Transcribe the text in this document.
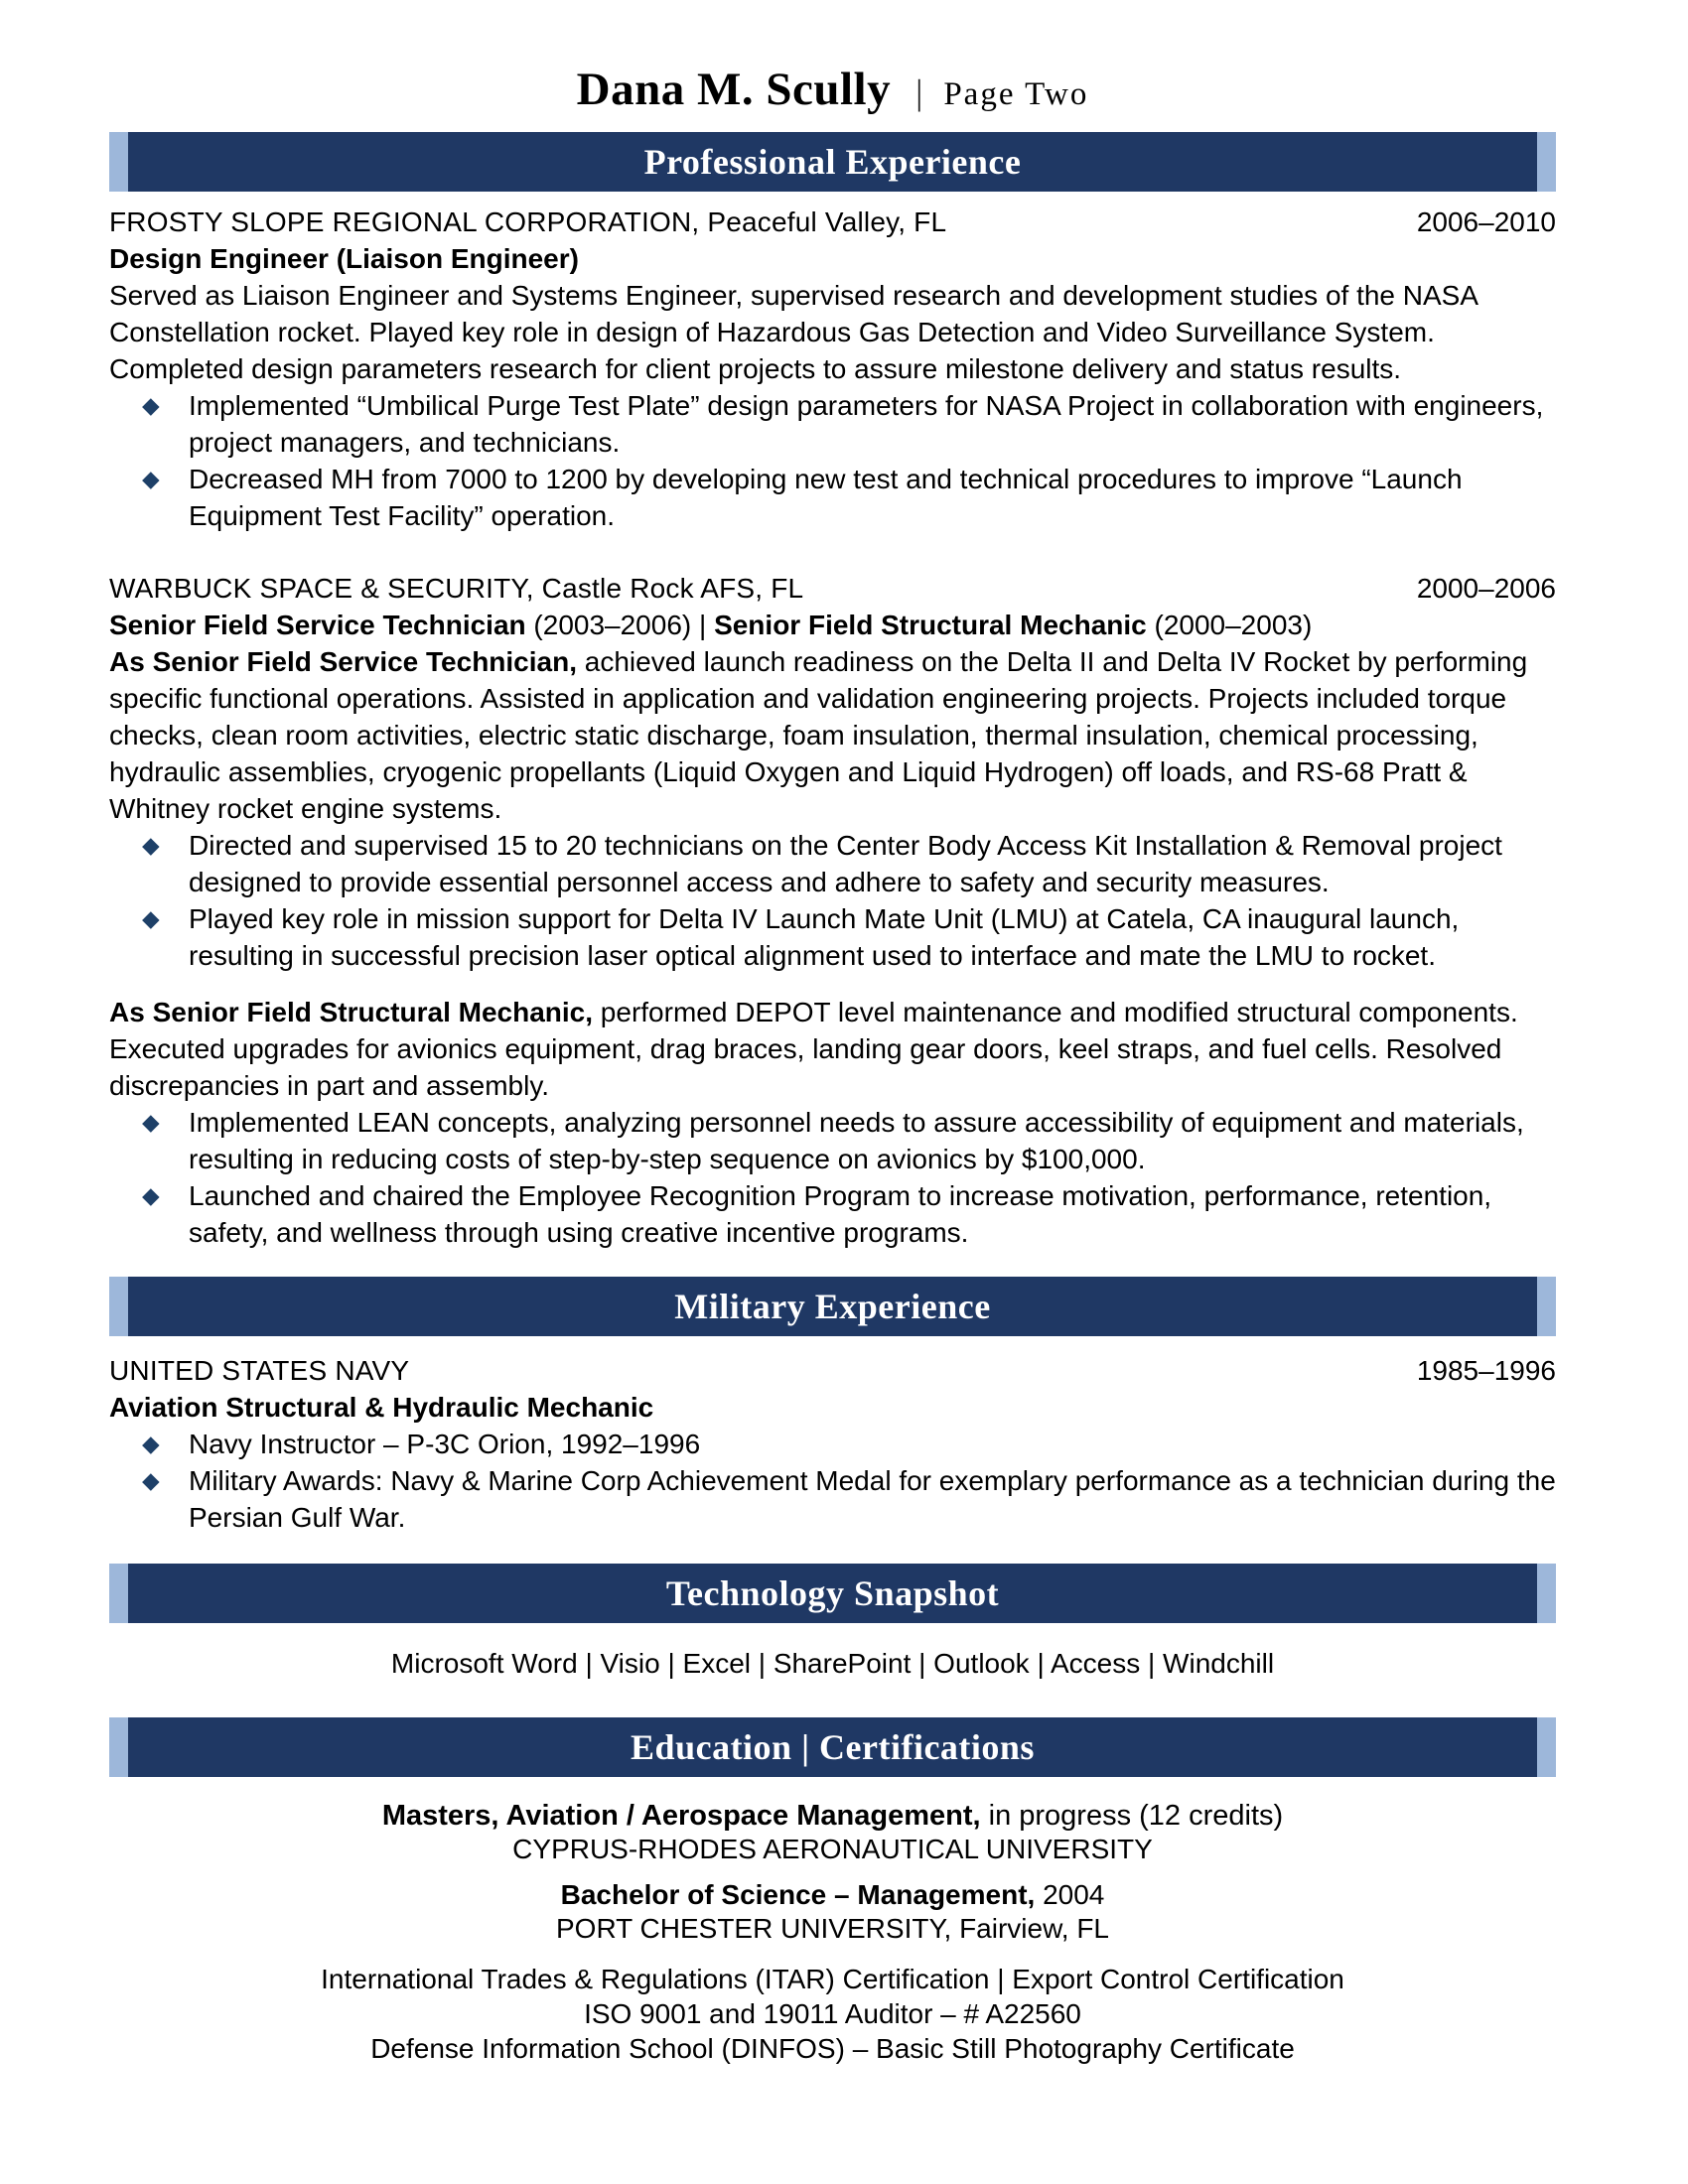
Dana M. Scully | Page Two
Professional Experience
FROSTY SLOPE REGIONAL CORPORATION, Peaceful Valley, FL	2006–2010
Design Engineer (Liaison Engineer)

Served as Liaison Engineer and Systems Engineer, supervised research and development studies of the NASA Constellation rocket. Played key role in design of Hazardous Gas Detection and Video Surveillance System. Completed design parameters research for client projects to assure milestone delivery and status results.

◆	Implemented “Umbilical Purge Test Plate” design parameters for NASA Project in collaboration with engineers, project managers, and technicians.
◆	Decreased MH from 7000 to 1200 by developing new test and technical procedures to improve “Launch Equipment Test Facility” operation.
WARBUCK SPACE & SECURITY, Castle Rock AFS, FL	2000–2006
Senior Field Service Technician (2003–2006) | Senior Field Structural Mechanic (2000–2003)

As Senior Field Service Technician, achieved launch readiness on the Delta II and Delta IV Rocket by performing specific functional operations. Assisted in application and validation engineering projects. Projects included torque checks, clean room activities, electric static discharge, foam insulation, thermal insulation, chemical processing, hydraulic assemblies, cryogenic propellants (Liquid Oxygen and Liquid Hydrogen) off loads, and RS-68 Pratt & Whitney rocket engine systems.

◆	Directed and supervised 15 to 20 technicians on the Center Body Access Kit Installation & Removal project designed to provide essential personnel access and adhere to safety and security measures.
◆	Played key role in mission support for Delta IV Launch Mate Unit (LMU) at Catela, CA inaugural launch, resulting in successful precision laser optical alignment used to interface and mate the LMU to rocket.

As Senior Field Structural Mechanic, performed DEPOT level maintenance and modified structural components. Executed upgrades for avionics equipment, drag braces, landing gear doors, keel straps, and fuel cells. Resolved discrepancies in part and assembly.

◆	Implemented LEAN concepts, analyzing personnel needs to assure accessibility of equipment and materials, resulting in reducing costs of step-by-step sequence on avionics by $100,000.
◆	Launched and chaired the Employee Recognition Program to increase motivation, performance, retention, safety, and wellness through using creative incentive programs.
Military Experience
UNITED STATES NAVY	1985–1996
Aviation Structural & Hydraulic Mechanic
◆	Navy Instructor – P-3C Orion, 1992–1996
◆	Military Awards: Navy & Marine Corp Achievement Medal for exemplary performance as a technician during the Persian Gulf War.
Technology Snapshot
Microsoft Word | Visio | Excel | SharePoint | Outlook | Access | Windchill
Education | Certifications
Masters, Aviation / Aerospace Management, in progress (12 credits)
CYPRUS-RHODES AERONAUTICAL UNIVERSITY
Bachelor of Science – Management, 2004
PORT CHESTER UNIVERSITY, Fairview, FL
International Trades & Regulations (ITAR) Certification | Export Control Certification
ISO 9001 and 19011 Auditor – # A22560
Defense Information School (DINFOS) – Basic Still Photography Certificate
